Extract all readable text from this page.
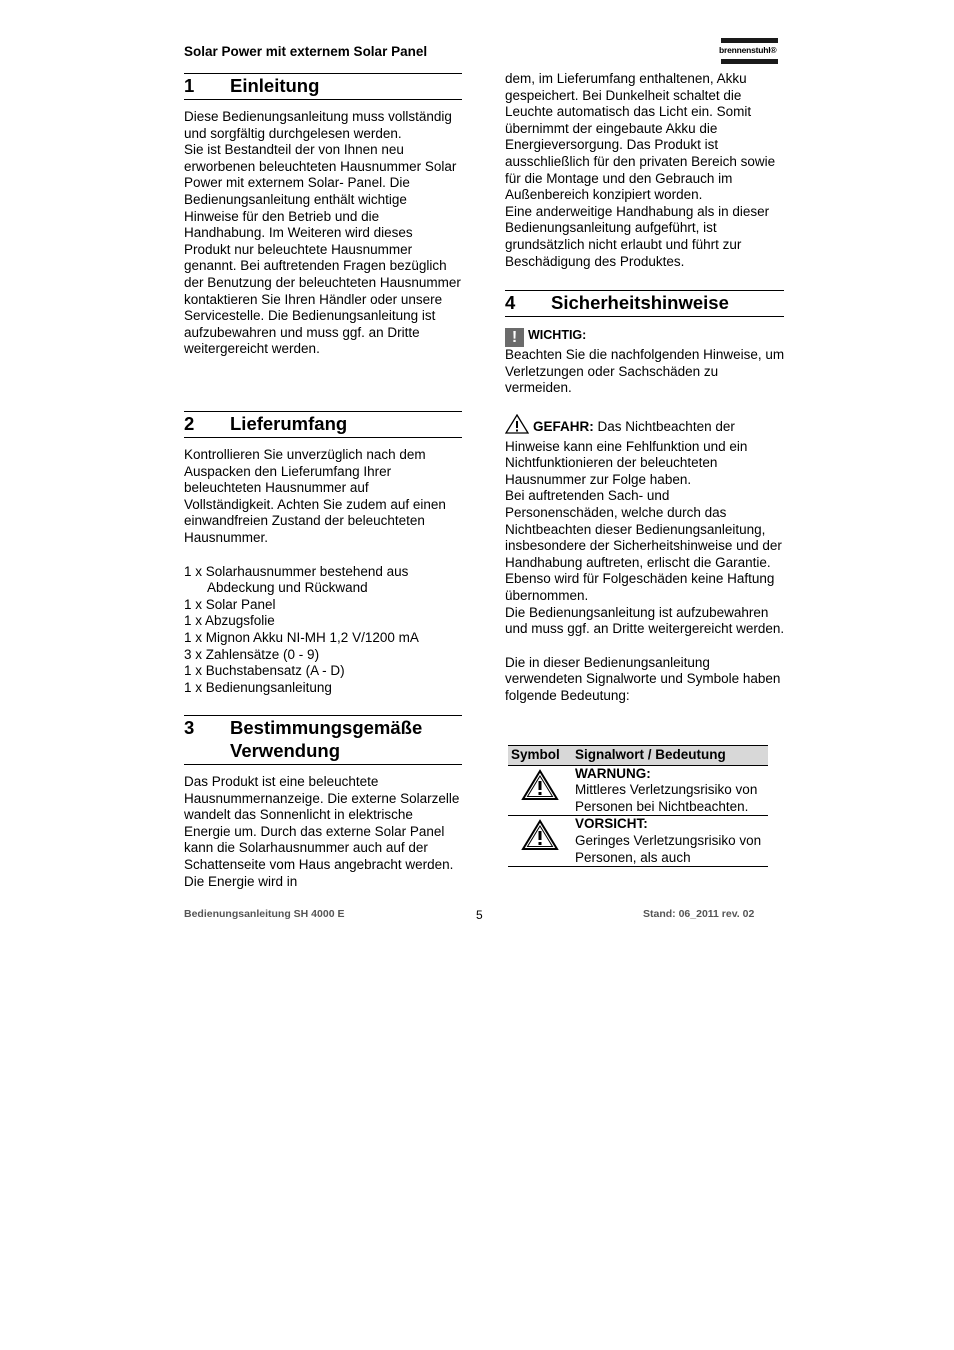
Solar Power mit externem Solar Panel	brennenstuhl®
1 Einleitung

Diese Bedienungsanleitung muss vollständig und sorgfältig durchgelesen werden.

Sie ist Bestandteil der von Ihnen neu erworbenen beleuchteten Hausnummer Solar Power mit externem Solar- Panel. Die Bedienungsanleitung enthält wichtige Hinweise für den Betrieb und die Handhabung. Im Weiteren wird dieses Produkt nur beleuchtete Hausnummer genannt. Bei auftretenden Fragen bezüglich der Benutzung der beleuchteten Hausnummer kontaktieren Sie Ihren Händler oder unsere Servicestelle. Die Bedienungsanleitung ist aufzubewahren und muss ggf. an Dritte weitergereicht werden.

2 Lieferumfang

Kontrollieren Sie unverzüglich nach dem Auspacken den Lieferumfang Ihrer beleuchteten Hausnummer auf Vollständigkeit. Achten Sie zudem auf einen einwandfreien Zustand der beleuchteten Hausnummer.

1 x Solarhausnummer bestehend aus

Abdeckung und Rückwand

1 x Solar Panel

1 x Abzugsfolie

1 x Mignon Akku NI-MH 1,2 V/1200 mA

3 x Zahlensätze (0 - 9)

1 x Buchstabensatz (A - D)

1 x Bedienungsanleitung

3 Bestimmungsgemäße
Verwendung

Das Produkt ist eine beleuchtete Hausnummernanzeige. Die externe Solarzelle wandelt das Sonnenlicht in elektrische Energie um. Durch das externe Solar Panel kann die Solarhausnummer auch auf der Schattenseite vom Haus angebracht werden. Die Energie wird in

dem, im Lieferumfang enthaltenen, Akku gespeichert. Bei Dunkelheit schaltet die Leuchte automatisch das Licht ein. Somit übernimmt der eingebaute Akku die Energieversorgung. Das Produkt ist ausschließlich für den privaten Bereich sowie für die Montage und den Gebrauch im Außenbereich konzipiert worden.

Eine anderweitige Handhabung als in dieser Bedienungsanleitung aufgeführt, ist grundsätzlich nicht erlaubt und führt zur Beschädigung des Produktes.

4 Sicherheitshinweise

! WICHTIG:

Beachten Sie die nachfolgenden Hinweise, um Verletzungen oder Sachschäden zu vermeiden.

GEFAHR: Das Nichtbeachten der Hinweise kann eine Fehlfunktion und ein Nichtfunktionieren der beleuchteten Hausnummer zur Folge haben.

Bei auftretenden Sach- und Personenschäden, welche durch das Nichtbeachten dieser Bedienungsanleitung, insbesondere der Sicherheitshinweise und der Handhabung auftreten, erlischt die Garantie.

Ebenso wird für Folgeschäden keine Haftung übernommen.

Die Bedienungsanleitung ist aufzubewahren und muss ggf. an Dritte weitergereicht werden.

Die in dieser Bedienungsanleitung verwendeten Signalworte und Symbole haben folgende Bedeutung:

Symbol	Signalwort / Bedeutung

WARNUNG:
Mittleres Verletzungsrisiko von Personen bei Nichtbeachten.

VORSICHT:
Geringes Verletzungsrisiko von Personen, als auch
Bedienungsanleitung SH 4000 E	5	Stand: 06_2011 rev. 02
